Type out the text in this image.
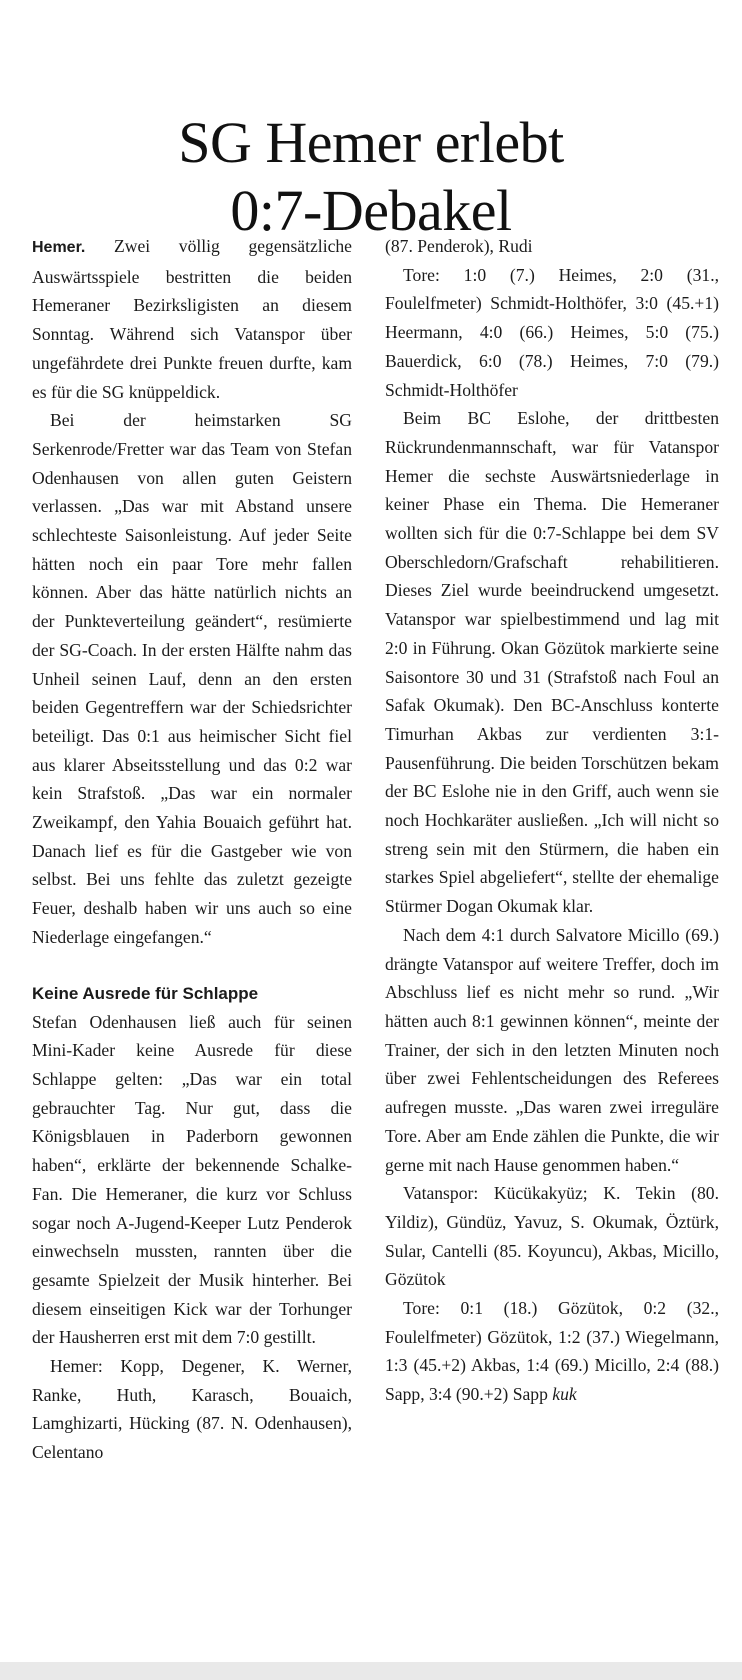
SG Hemer erlebt
0:7-Debakel

Hemer. Zwei völlig gegensätzliche Auswärtsspiele bestritten die beiden Hemeraner Bezirksligisten an diesem Sonntag. Während sich Vatanspor über ungefährdete drei Punkte freuen durfte, kam es für die SG knüppeldick.

Bei der heimstarken SG Serkenrode/Fretter war das Team von Stefan Odenhausen von allen guten Geistern verlassen. „Das war mit Abstand unsere schlechteste Saisonleistung. Auf jeder Seite hätten noch ein paar Tore mehr fallen können. Aber das hätte natürlich nichts an der Punkteverteilung geändert“, resümierte der SG-Coach. In der ersten Hälfte nahm das Unheil seinen Lauf, denn an den ersten beiden Gegentreffern war der Schiedsrichter beteiligt. Das 0:1 aus heimischer Sicht fiel aus klarer Abseitsstellung und das 0:2 war kein Strafstoß. „Das war ein normaler Zweikampf, den Yahia Bouaich geführt hat. Danach lief es für die Gastgeber wie von selbst. Bei uns fehlte das zuletzt gezeigte Feuer, deshalb haben wir uns auch so eine Niederlage eingefangen.“

Keine Ausrede für Schlappe

Stefan Odenhausen ließ auch für seinen Mini-Kader keine Ausrede für diese Schlappe gelten: „Das war ein total gebrauchter Tag. Nur gut, dass die Königsblauen in Paderborn gewonnen haben“, erklärte der bekennende Schalke-Fan. Die Hemeraner, die kurz vor Schluss sogar noch A-Jugend-Keeper Lutz Penderok einwechseln mussten, rannten über die gesamte Spielzeit der Musik hinterher. Bei diesem einseitigen Kick war der Torhunger der Hausherren erst mit dem 7:0 gestillt.

Hemer: Kopp, Degener, K. Werner, Ranke, Huth, Karasch, Bouaich, Lamghizarti, Hücking (87. N. Odenhausen), Celentano

(87. Penderok), Rudi

Tore: 1:0 (7.) Heimes, 2:0 (31., Foulelfmeter) Schmidt-Holthöfer, 3:0 (45.+1) Heermann, 4:0 (66.) Heimes, 5:0 (75.) Bauerdick, 6:0 (78.) Heimes, 7:0 (79.) Schmidt-Holthöfer

Beim BC Eslohe, der drittbesten Rückrundenmannschaft, war für Vatanspor Hemer die sechste Auswärtsniederlage in keiner Phase ein Thema. Die Hemeraner wollten sich für die 0:7-Schlappe bei dem SV Oberschledorn/Grafschaft rehabilitieren. Dieses Ziel wurde beeindruckend umgesetzt. Vatanspor war spielbestimmend und lag mit 2:0 in Führung. Okan Gözütok markierte seine Saisontore 30 und 31 (Strafstoß nach Foul an Safak Okumak). Den BC-Anschluss konterte Timurhan Akbas zur verdienten 3:1-Pausenführung. Die beiden Torschützen bekam der BC Eslohe nie in den Griff, auch wenn sie noch Hochkaräter ausließen. „Ich will nicht so streng sein mit den Stürmern, die haben ein starkes Spiel abgeliefert“, stellte der ehemalige Stürmer Dogan Okumak klar.

Nach dem 4:1 durch Salvatore Micillo (69.) drängte Vatanspor auf weitere Treffer, doch im Abschluss lief es nicht mehr so rund. „Wir hätten auch 8:1 gewinnen können“, meinte der Trainer, der sich in den letzten Minuten noch über zwei Fehlentscheidungen des Referees aufregen musste. „Das waren zwei irreguläre Tore. Aber am Ende zählen die Punkte, die wir gerne mit nach Hause genommen haben.“

Vatanspor: Kücükakyüz; K. Tekin (80. Yildiz), Gündüz, Yavuz, S. Okumak, Öztürk, Sular, Cantelli (85. Koyuncu), Akbas, Micillo, Gözütok

Tore: 0:1 (18.) Gözütok, 0:2 (32., Foulelfmeter) Gözütok, 1:2 (37.) Wiegelmann, 1:3 (45.+2) Akbas, 1:4 (69.) Micillo, 2:4 (88.) Sapp, 3:4 (90.+2) Sapp kuk
